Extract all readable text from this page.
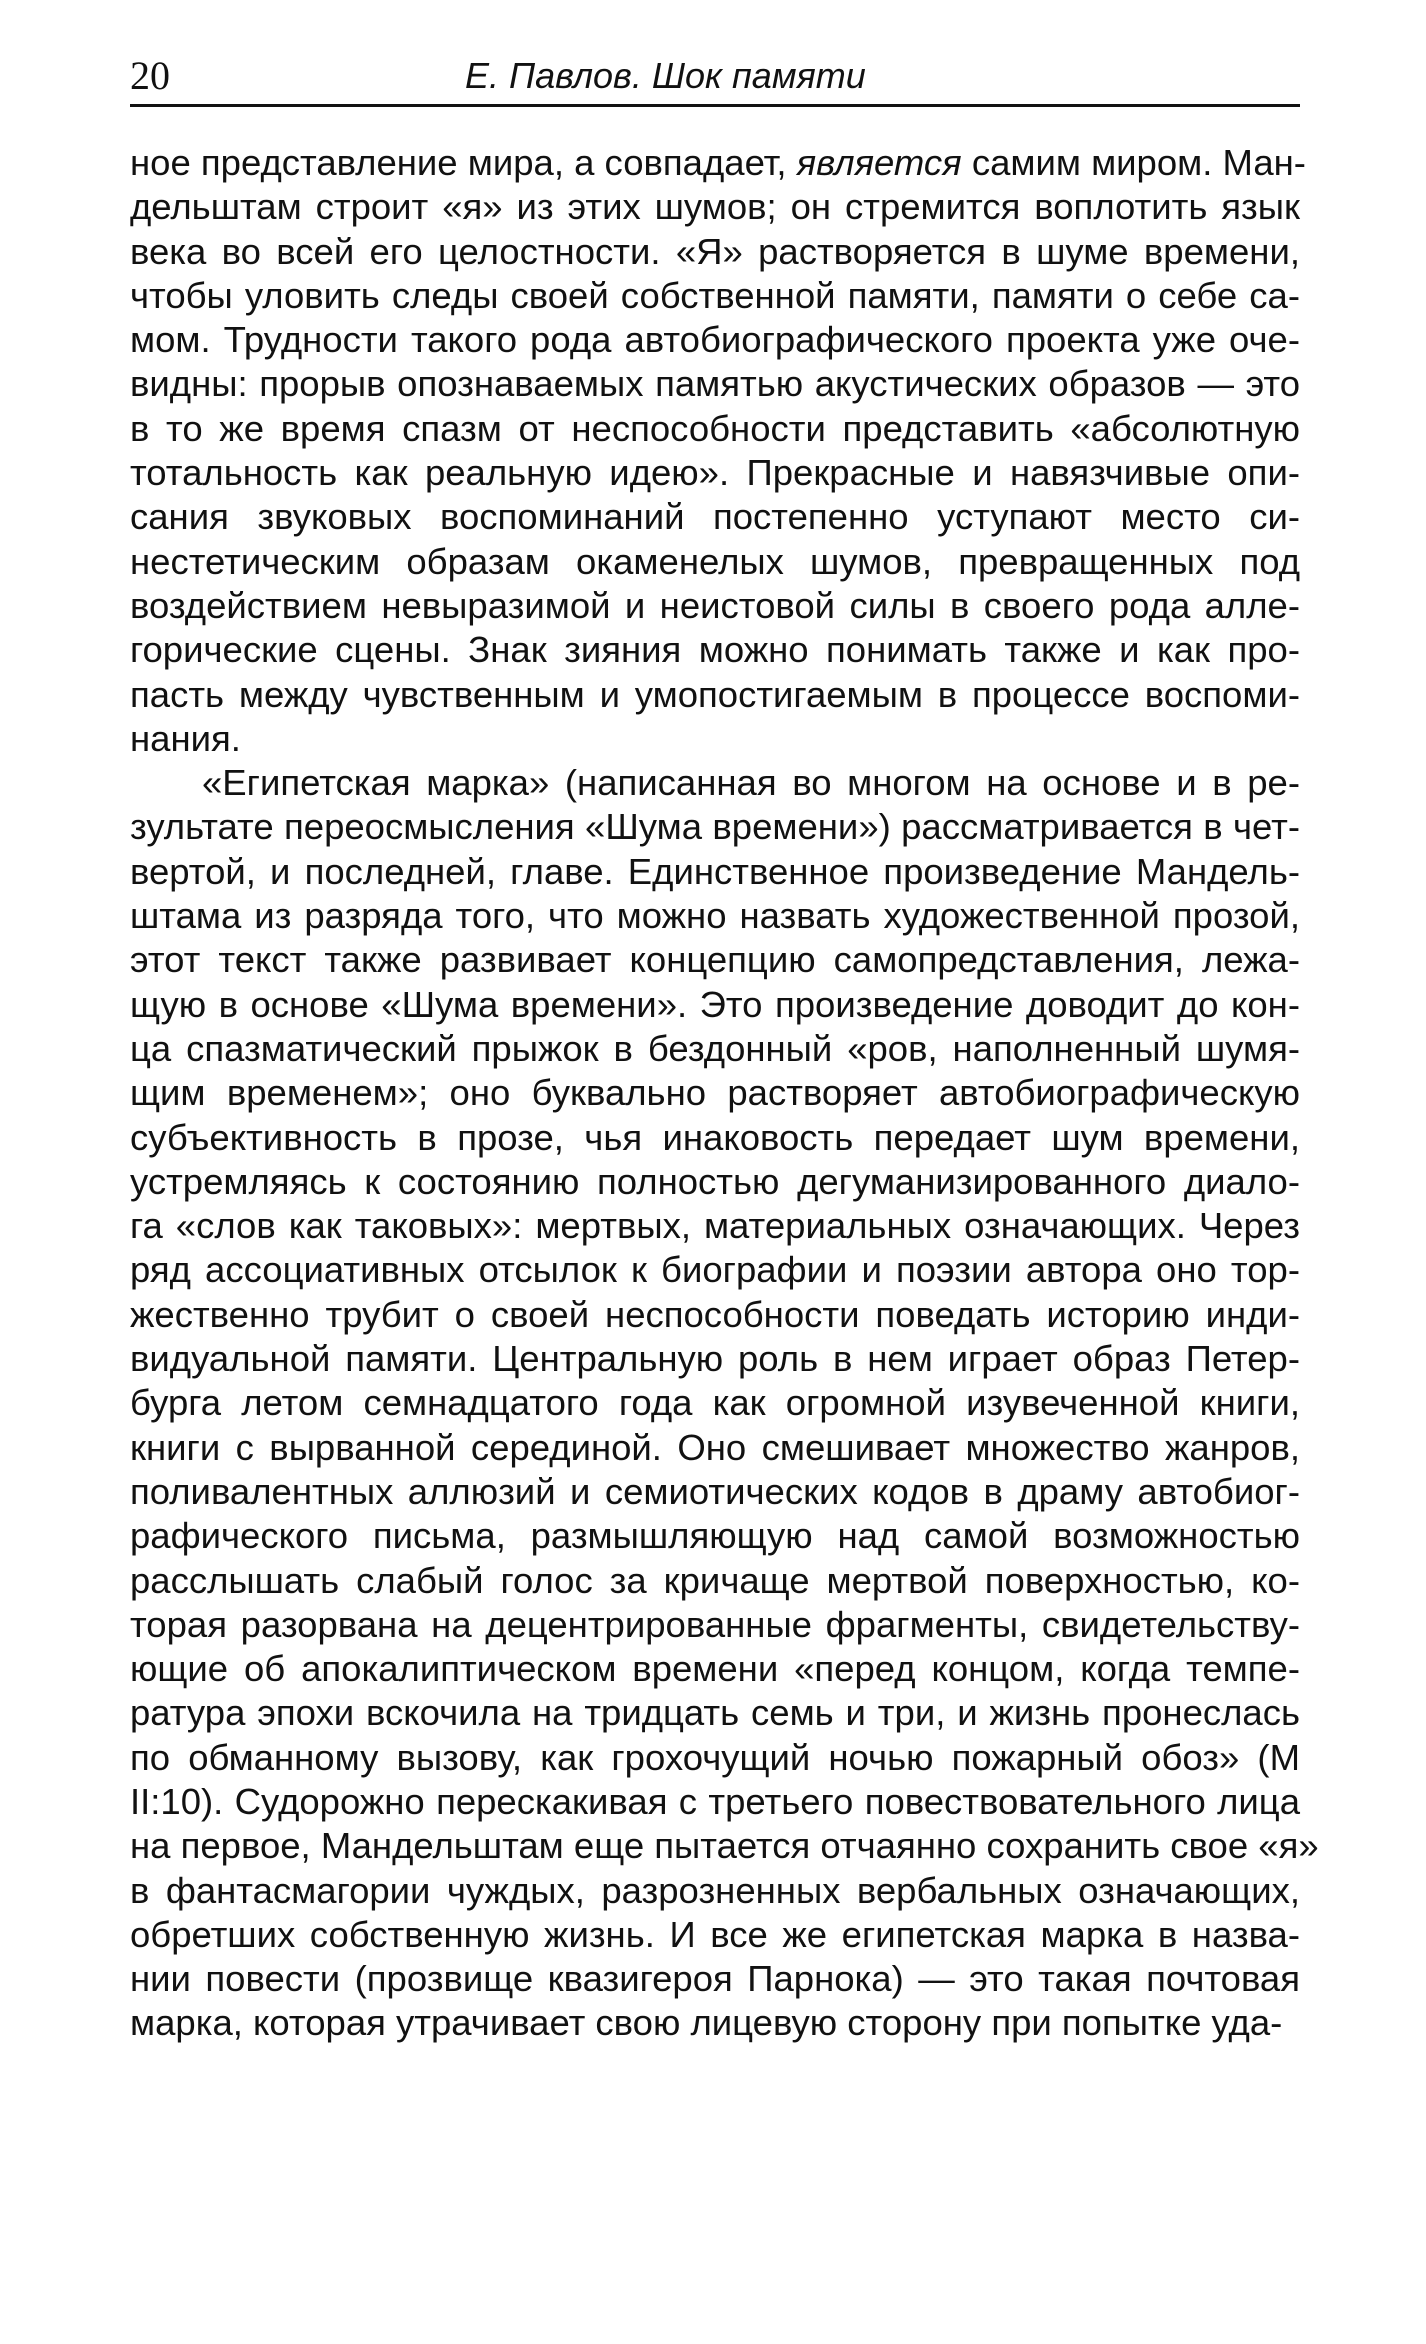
20	Е. Павлов. Шок памяти
ное представление мира, а совпадает, является самим миром. Ман-
дельштам строит «я» из этих шумов; он стремится воплотить язык
века во всей его целостности. «Я» растворяется в шуме времени,
чтобы уловить следы своей собственной памяти, памяти о себе са-
мом. Трудности такого рода автобиографического проекта уже оче-
видны: прорыв опознаваемых памятью акустических образов — это
в то же время спазм от неспособности представить «абсолютную
тотальность как реальную идею». Прекрасные и навязчивые опи-
сания звуковых воспоминаний постепенно уступают место си-
нестетическим образам окаменелых шумов, превращенных под
воздействием невыразимой и неистовой силы в своего рода алле-
горические сцены. Знак зияния можно понимать также и как про-
пасть между чувственным и умопостигаемым в процессе воспоми-
нания.
«Египетская марка» (написанная во многом на основе и в ре-
зультате переосмысления «Шума времени») рассматривается в чет-
вертой, и последней, главе. Единственное произведение Мандель-
штама из разряда того, что можно назвать художественной прозой,
этот текст также развивает концепцию самопредставления, лежа-
щую в основе «Шума времени». Это произведение доводит до кон-
ца спазматический прыжок в бездонный «ров, наполненный шумя-
щим временем»; оно буквально растворяет автобиографическую
субъективность в прозе, чья инаковость передает шум времени,
устремляясь к состоянию полностью дегуманизированного диало-
га «слов как таковых»: мертвых, материальных означающих. Через
ряд ассоциативных отсылок к биографии и поэзии автора оно тор-
жественно трубит о своей неспособности поведать историю инди-
видуальной памяти. Центральную роль в нем играет образ Петер-
бурга летом семнадцатого года как огромной изувеченной книги,
книги с вырванной серединой. Оно смешивает множество жанров,
поливалентных аллюзий и семиотических кодов в драму автобиог-
рафического письма, размышляющую над самой возможностью
расслышать слабый голос за кричаще мертвой поверхностью, ко-
торая разорвана на децентрированные фрагменты, свидетельству-
ющие об апокалиптическом времени «перед концом, когда темпе-
ратура эпохи вскочила на тридцать семь и три, и жизнь пронеслась
по обманному вызову, как грохочущий ночью пожарный обоз» (М
II:10). Судорожно перескакивая с третьего повествовательного лица
на первое, Мандельштам еще пытается отчаянно сохранить свое «я»
в фантасмагории чуждых, разрозненных вербальных означающих,
обретших собственную жизнь. И все же египетская марка в назва-
нии повести (прозвище квазигероя Парнока) — это такая почтовая
марка, которая утрачивает свою лицевую сторону при попытке уда-
